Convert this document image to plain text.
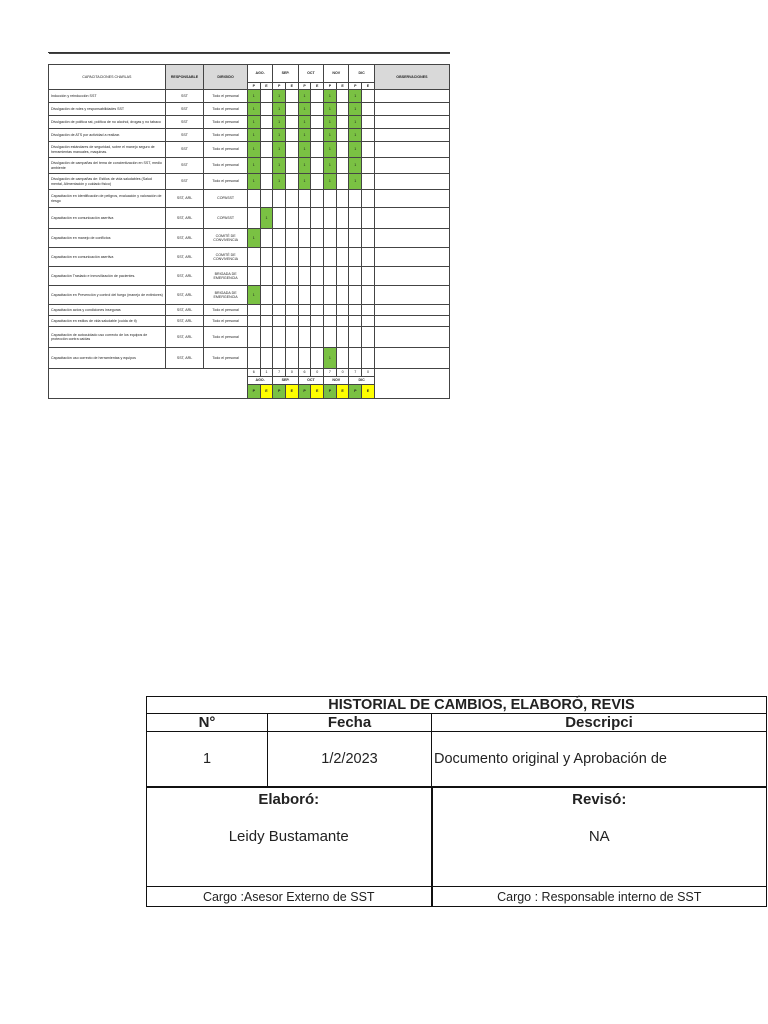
CAPACITACIONES CHARLAS	RESPONSABLE	DIRIGIDO	AGO.		SEP.		OCT		NOV		DIC		OBSERVACIONES
			P	E	P	E	P	E	P	E	P	E	
Inducción y reinducción SST	SST	Todo el personal	1		1		1		1		1		
Divulgación de roles y responsabilidades SST	SST	Todo el personal	1		1		1		1		1		
Divulgación de política sst, política de no alcohol, drogas y no tabaco	SST	Todo el personal	1		1		1		1		1		
Divulgación de ATS por actividad a realizar.	SST	Todo el personal	1		1		1		1		1		
Divulgación estándares de seguridad, sobre el manejo seguro de herramientas manuales, maquinas.	SST	Todo el personal	1		1		1		1		1		
Divulgación de campañas del tema de concientización en SST, medio ambiente	SST	Todo el personal	1		1		1		1		1		
Divulgación de campañas de: Estilos de vida saludables (Salud mental, Alimentación y cuidado físico)	SST	Todo el personal	1		1		1		1		1		
Capacitación en identificación de peligros, evaluación y valoración de riesgo	SST, ARL	COPASST											
Capacitación en comunicación asertiva	SST, ARL	COPASST		1									
Capacitación en manejo de conflictos	SST, ARL	COMITÉ DE CONVIVENCIA	1										
Capacitación en comunicación asertiva	SST, ARL	COMITÉ DE CONVIVENCIA											
Capacitación Traslado e inmovilización de pacientes.	SST, ARL	BRIGADA DE EMERGENCIA											
Capacitación en Prevención y control del fuego (manejo de extintores)	SST, ARL	BRIGADA DE EMERGENCIA	1										
Capacitación actos y condiciones inseguras	SST, ARL	Todo el personal											
Capacitación en estilos de vida saludable (cuida de ti)	SST, ARL	Todo el personal											
Capacitación de autocuidado uso correcto de los equipos de protección contra caídas	SST, ARL	Todo el personal											
Capacitación uso correcto de herramientas y equipos	SST, ARL	Todo el personal							1				
			6	1	7	0	6	0	7	0	7	0	
			AGO.		SEP.		OCT		NOV		DIC		
			P	E	P	E	P	E	P	E	P	E	
HISTORIAL DE CAMBIOS, ELABORÓ, REVIS		
N°	Fecha	Descripci
1	1/2/2023	Documento original y Aprobación de
Elaboró:		Revisó:
Leidy Bustamante		NA
Cargo :Asesor Externo de SST		Cargo : Responsable interno de SST
